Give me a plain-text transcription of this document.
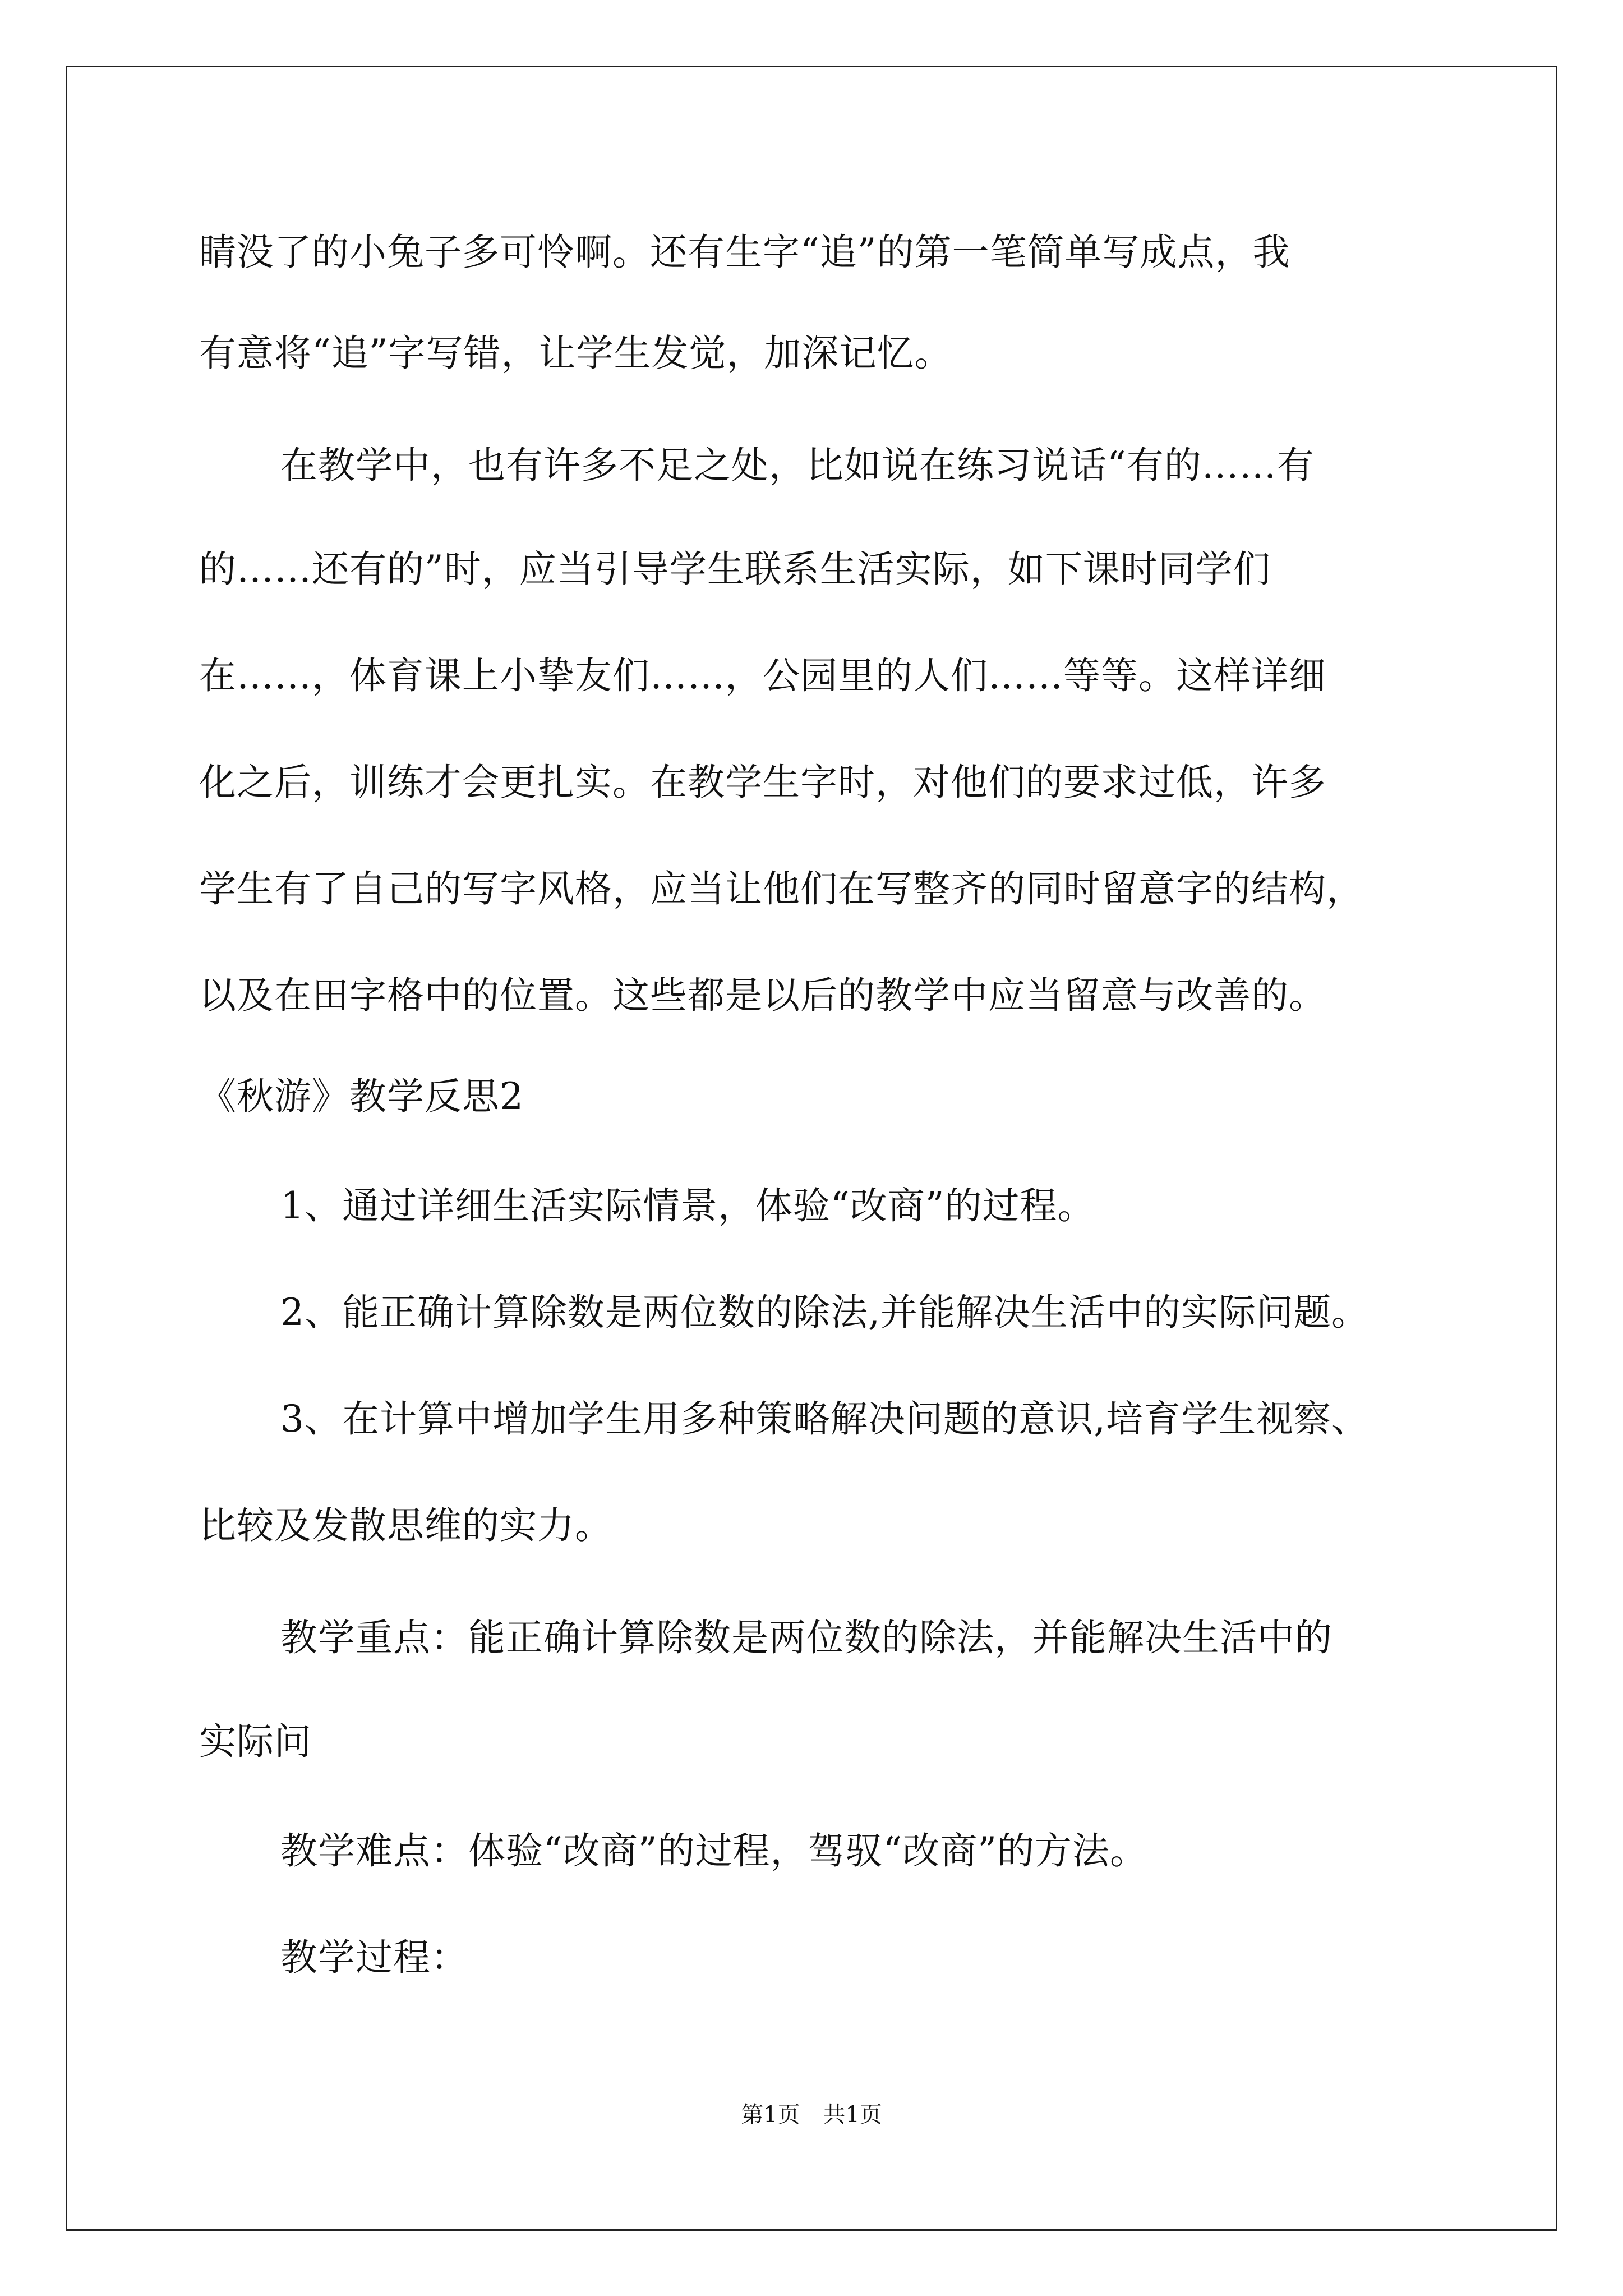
睛没了的小兔子多可怜啊。还有生字“追”的第一笔简单写成点，我
有意将“追”字写错，让学生发觉，加深记忆。
在教学中，也有许多不足之处，比如说在练习说话“有的……有
的……还有的”时，应当引导学生联系生活实际，如下课时同学们
在……，体育课上小挚友们……，公园里的人们……等等。这样详细
化之后，训练才会更扎实。在教学生字时，对他们的要求过低，许多
学生有了自己的写字风格，应当让他们在写整齐的同时留意字的结构，
以及在田字格中的位置。这些都是以后的教学中应当留意与改善的。
《秋游》教学反思2
1、通过详细生活实际情景，体验“改商”的过程。
2、能正确计算除数是两位数的除法,并能解决生活中的实际问题。
3、在计算中增加学生用多种策略解决问题的意识,培育学生视察、
比较及发散思维的实力。
教学重点：能正确计算除数是两位数的除法，并能解决生活中的
实际问
教学难点：体验“改商”的过程，驾驭“改商”的方法。
教学过程：
第1页 共1页
